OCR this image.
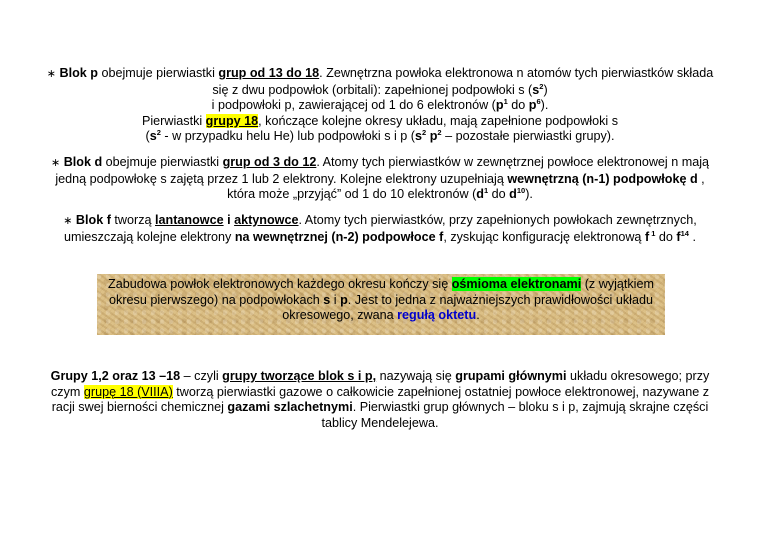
∗ Blok p obejmuje pierwiastki grup od 13 do 18. Zewnętrzna powłoka elektronowa n atomów tych pierwiastków składa się z dwu podpowłok (orbitali): zapełnionej podpowłoki s $(s^2)$
i podpowłoki p, zawierającej od 1 do 6 elektronów ($p^1$ do $p^6$).
Pierwiastki grupy 18, kończące kolejne okresy układu, mają zapełnione podpowłoki s
($s^2$ - w przypadku helu He) lub podpowłoki s i p ($s^2$ $p^2$ – pozostałe pierwiastki grupy).
∗ Blok d obejmuje pierwiastki grup od 3 do 12. Atomy tych pierwiastków w zewnętrznej powłoce elektronowej n mają jedną podpowłokę s zajętą przez 1 lub 2 elektrony. Kolejne elektrony uzupełniają wewnętrzną (n-1) podpowłokę d , która może „przyjąć” od 1 do 10 elektronów ($d^1$ do $d^{10}$).
∗ Blok f tworzą lantanowce i aktynowce. Atomy tych pierwiastków, przy zapełnionych powłokach zewnętrznych, umieszczają kolejne elektrony na wewnętrznej (n-2) podpowłoce f, zyskując konfigurację elektronową f $^1$ do $f^{14}$ .
Zabudowa powłok elektronowych każdego okresu kończy się ośmioma elektronami (z wyjątkiem okresu pierwszego) na podpowłokach s i p. Jest to jedna z najważniejszych prawidłowości układu okresowego, zwana regułą oktetu.
Grupy 1,2 oraz 13 –18 – czyli grupy tworzące blok s i p, nazywają się grupami głównymi układu okresowego; przy czym grupę 18 (VIIIA) tworzą pierwiastki gazowe o całkowicie zapełnionej ostatniej powłoce elektronowej, nazywane z racji swej bierności chemicznej gazami szlachetnymi. Pierwiastki grup głównych – bloku s i p, zajmują skrajne części tablicy Mendelejewa.
